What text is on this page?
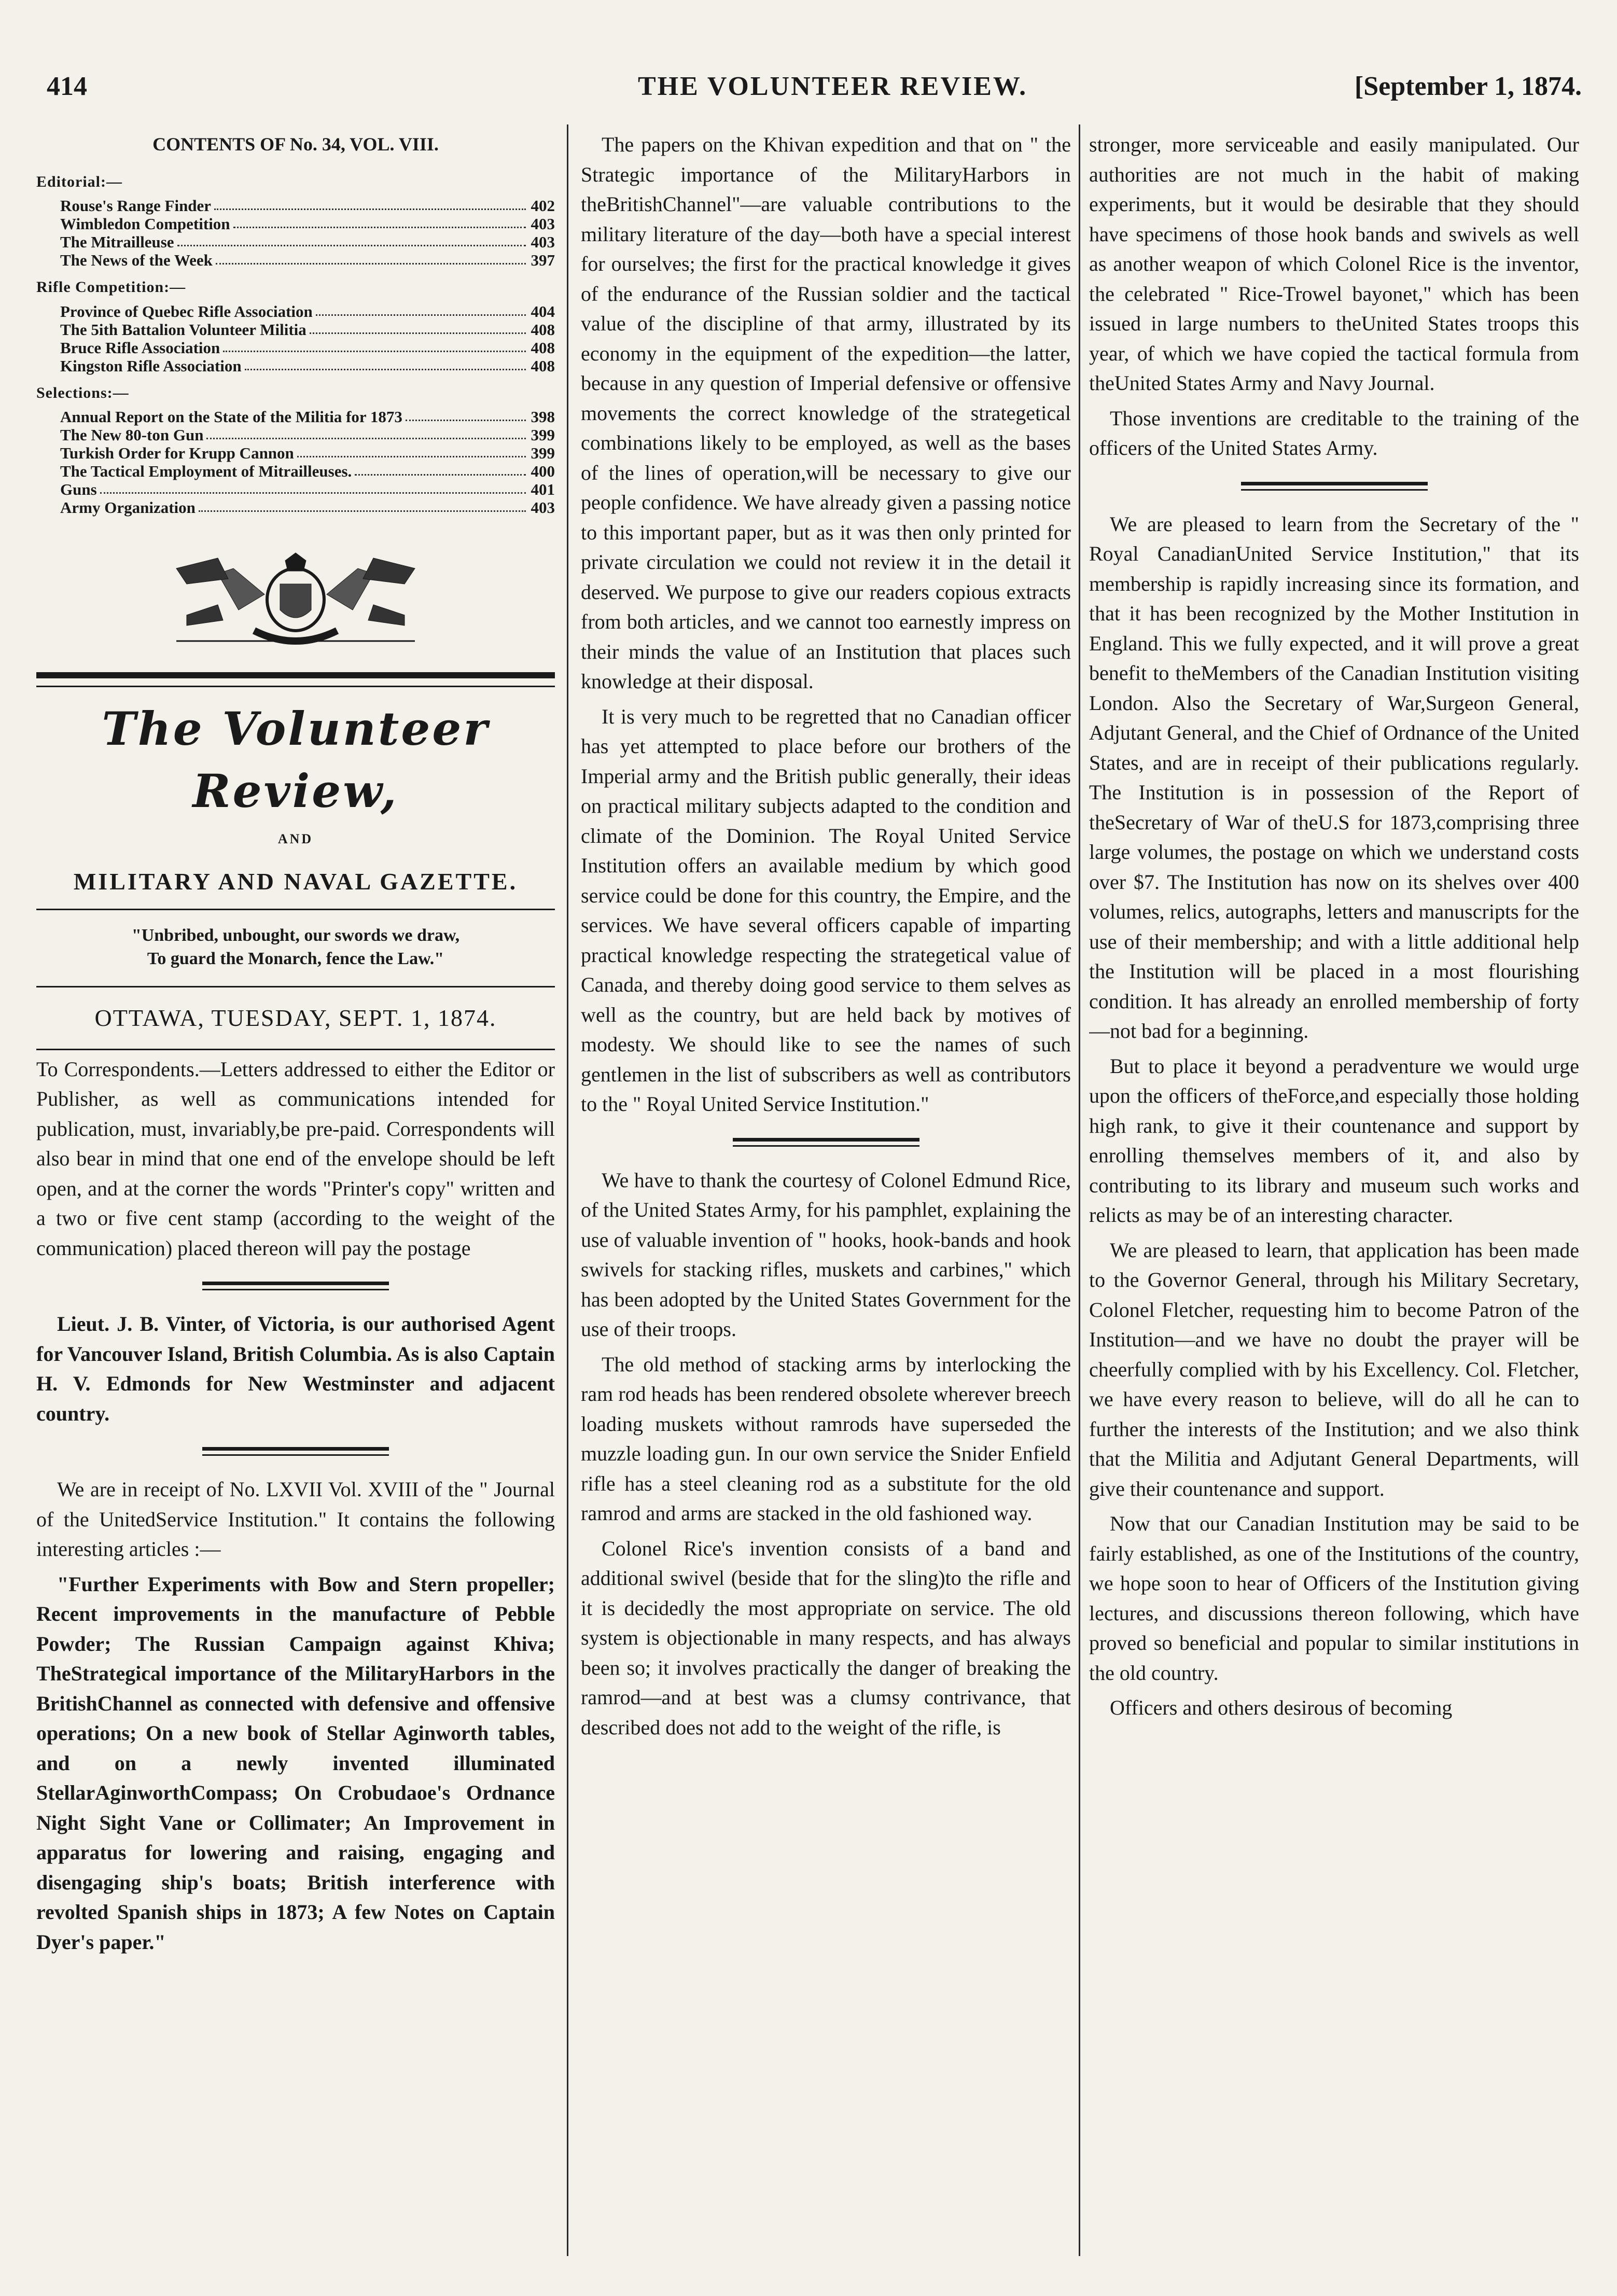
414	THE VOLUNTEER REVIEW.	[September 1, 1874.
CONTENTS OF No. 34, VOL. VIII.
Editorial:—
Rouse's Range Finder	402
Wimbledon Competition	403
The Mitrailleuse	403
The News of the Week	397
Rifle Competition:—
Province of Quebec Rifle Association	404
The 5ith Battalion Volunteer Militia	408
Bruce Rifle Association	408
Kingston Rifle Association	408
Selections:—
Annual Report on the State of the Militia for 1873	398
The New 80-ton Gun	399
Turkish Order for Krupp Cannon	399
The Tactical Employment of Mitrailleuses.	400
Guns	401
Army Organization	403
The Volunteer Review,
AND
MILITARY AND NAVAL GAZETTE.
"Unbribed, unbought, our swords we draw,
To guard the Monarch, fence the Law."
OTTAWA, TUESDAY, SEPT. 1, 1874.

To Correspondents.—Letters addressed to either the Editor or Publisher, as well as communications intended for publication, must, invariably,be pre-paid. Correspondents will also bear in mind that one end of the envelope should be left open, and at the corner the words "Printer's copy" written and a two or five cent stamp (according to the weight of the communication) placed thereon will pay the postage

Lieut. J. B. Vinter, of Victoria, is our authorised Agent for Vancouver Island, British Columbia. As is also Captain H. V. Edmonds for New Westminster and adjacent country.

We are in receipt of No. LXVII Vol. XVIII of the " Journal of the UnitedService Institution." It contains the following interesting articles :—

"Further Experiments with Bow and Stern propeller; Recent improvements in the manufacture of Pebble Powder; The Russian Campaign against Khiva; TheStrategical importance of the MilitaryHarbors in the BritishChannel as connected with defensive and offensive operations; On a new book of Stellar Aginworth tables, and on a newly invented illuminated StellarAginworthCompass; On Crobudaoe's Ordnance Night Sight Vane or Collimater; An Improvement in apparatus for lowering and raising, engaging and disengaging ship's boats; British interference with revolted Spanish ships in 1873; A few Notes on Captain Dyer's paper."

The papers on the Khivan expedition and that on " the Strategic importance of the MilitaryHarbors in theBritishChannel"—are valuable contributions to the military literature of the day—both have a special interest for ourselves; the first for the practical knowledge it gives of the endurance of the Russian soldier and the tactical value of the discipline of that army, illustrated by its economy in the equipment of the expedition—the latter, because in any question of Imperial defensive or offensive movements the correct knowledge of the strategetical combinations likely to be employed, as well as the bases of the lines of operation,will be necessary to give our people confidence. We have already given a passing notice to this important paper, but as it was then only printed for private circulation we could not review it in the detail it deserved. We purpose to give our readers copious extracts from both articles, and we cannot too earnestly impress on their minds the value of an Institution that places such knowledge at their disposal.

It is very much to be regretted that no Canadian officer has yet attempted to place before our brothers of the Imperial army and the British public generally, their ideas on practical military subjects adapted to the condition and climate of the Dominion. The Royal United Service Institution offers an available medium by which good service could be done for this country, the Empire, and the services. We have several officers capable of imparting practical knowledge respecting the strategetical value of Canada, and thereby doing good service to them selves as well as the country, but are held back by motives of modesty. We should like to see the names of such gentlemen in the list of subscribers as well as contributors to the " Royal United Service Institution."

We have to thank the courtesy of Colonel Edmund Rice, of the United States Army, for his pamphlet, explaining the use of valuable invention of " hooks, hook-bands and hook swivels for stacking rifles, muskets and carbines," which has been adopted by the United States Government for the use of their troops.

The old method of stacking arms by interlocking the ram rod heads has been rendered obsolete wherever breech loading muskets without ramrods have superseded the muzzle loading gun. In our own service the Snider Enfield rifle has a steel cleaning rod as a substitute for the old ramrod and arms are stacked in the old fashioned way.

Colonel Rice's invention consists of a band and additional swivel (beside that for the sling)to the rifle and it is decidedly the most appropriate on service. The old system is objectionable in many respects, and has always been so; it involves practically the danger of breaking the ramrod—and at best was a clumsy contrivance, that described does not add to the weight of the rifle, is

stronger, more serviceable and easily manipulated. Our authorities are not much in the habit of making experiments, but it would be desirable that they should have specimens of those hook bands and swivels as well as another weapon of which Colonel Rice is the inventor, the celebrated " Rice-Trowel bayonet," which has been issued in large numbers to theUnited States troops this year, of which we have copied the tactical formula from theUnited States Army and Navy Journal.

Those inventions are creditable to the training of the officers of the United States Army.

We are pleased to learn from the Secretary of the " Royal CanadianUnited Service Institution," that its membership is rapidly increasing since its formation, and that it has been recognized by the Mother Institution in England. This we fully expected, and it will prove a great benefit to theMembers of the Canadian Institution visiting London. Also the Secretary of War,Surgeon General, Adjutant General, and the Chief of Ordnance of the United States, and are in receipt of their publications regularly. The Institution is in possession of the Report of theSecretary of War of theU.S for 1873,comprising three large volumes, the postage on which we understand costs over $7. The Institution has now on its shelves over 400 volumes, relics, autographs, letters and manuscripts for the use of their membership; and with a little additional help the Institution will be placed in a most flourishing condition. It has already an enrolled membership of forty—not bad for a beginning.

But to place it beyond a peradventure we would urge upon the officers of theForce,and especially those holding high rank, to give it their countenance and support by enrolling themselves members of it, and also by contributing to its library and museum such works and relicts as may be of an interesting character.

We are pleased to learn, that application has been made to the Governor General, through his Military Secretary, Colonel Fletcher, requesting him to become Patron of the Institution—and we have no doubt the prayer will be cheerfully complied with by his Excellency. Col. Fletcher, we have every reason to believe, will do all he can to further the interests of the Institution; and we also think that the Militia and Adjutant General Departments, will give their countenance and support.

Now that our Canadian Institution may be said to be fairly established, as one of the Institutions of the country, we hope soon to hear of Officers of the Institution giving lectures, and discussions thereon following, which have proved so beneficial and popular to similar institutions in the old country.

Officers and others desirous of becoming
